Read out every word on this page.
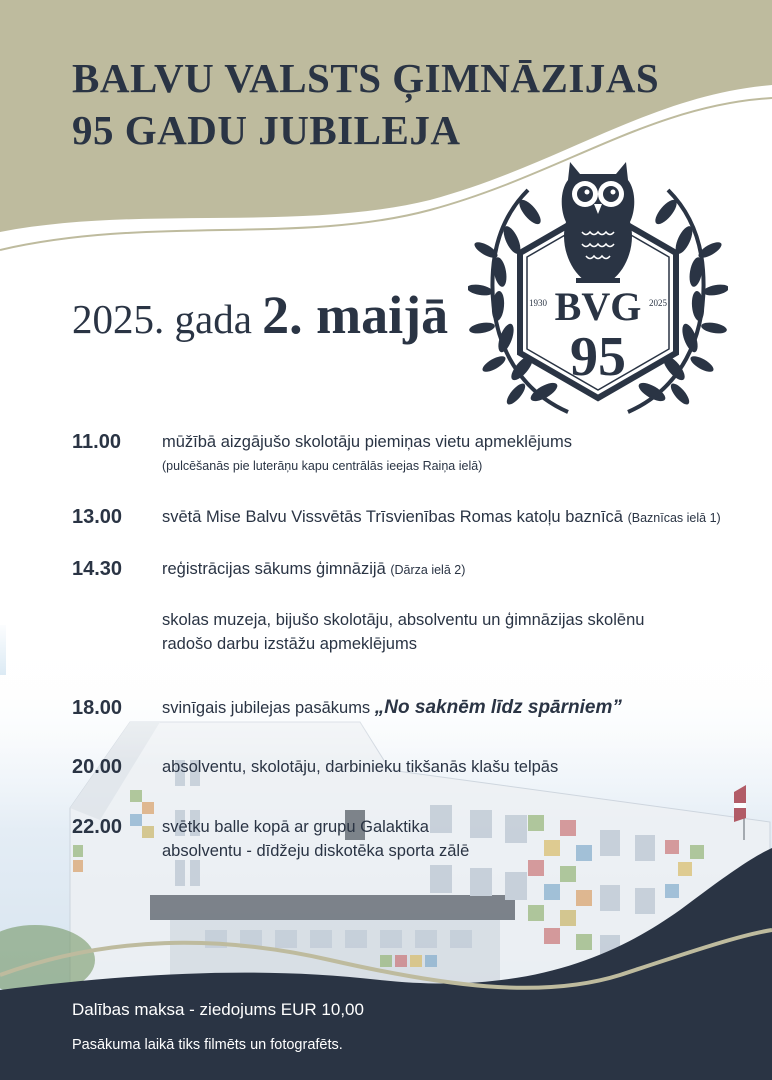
BALVU VALSTS ĢIMNĀZIJAS
95 GADU JUBILEJA
2025. gada 2. maijā	BVG
95
1930	2025
11.00 mūžībā aizgājušo skolotāju piemiņas vietu apmeklējums
(pulcēšanās pie luterāņu kapu centrālās ieejas Raiņa ielā)
13.00 svētā Mise Balvu Vissvētās Trīsvienības Romas katoļu baznīcā (Baznīcas ielā 1)
14.30 reģistrācijas sākums ģimnāzijā (Dārza ielā 2)
skolas muzeja, bijušo skolotāju, absolventu un ģimnāzijas skolēnu
radošo darbu izstāžu apmeklējums
18.00 svinīgais jubilejas pasākums „No saknēm līdz spārniem”
20.00 absolventu, skolotāju, darbinieku tikšanās klašu telpās
22.00 svētku balle kopā ar grupu Galaktika
absolventu - dīdžeju diskotēka sporta zālē
Dalības maksa - ziedojums EUR 10,00
Pasākuma laikā tiks filmēts un fotografēts.
